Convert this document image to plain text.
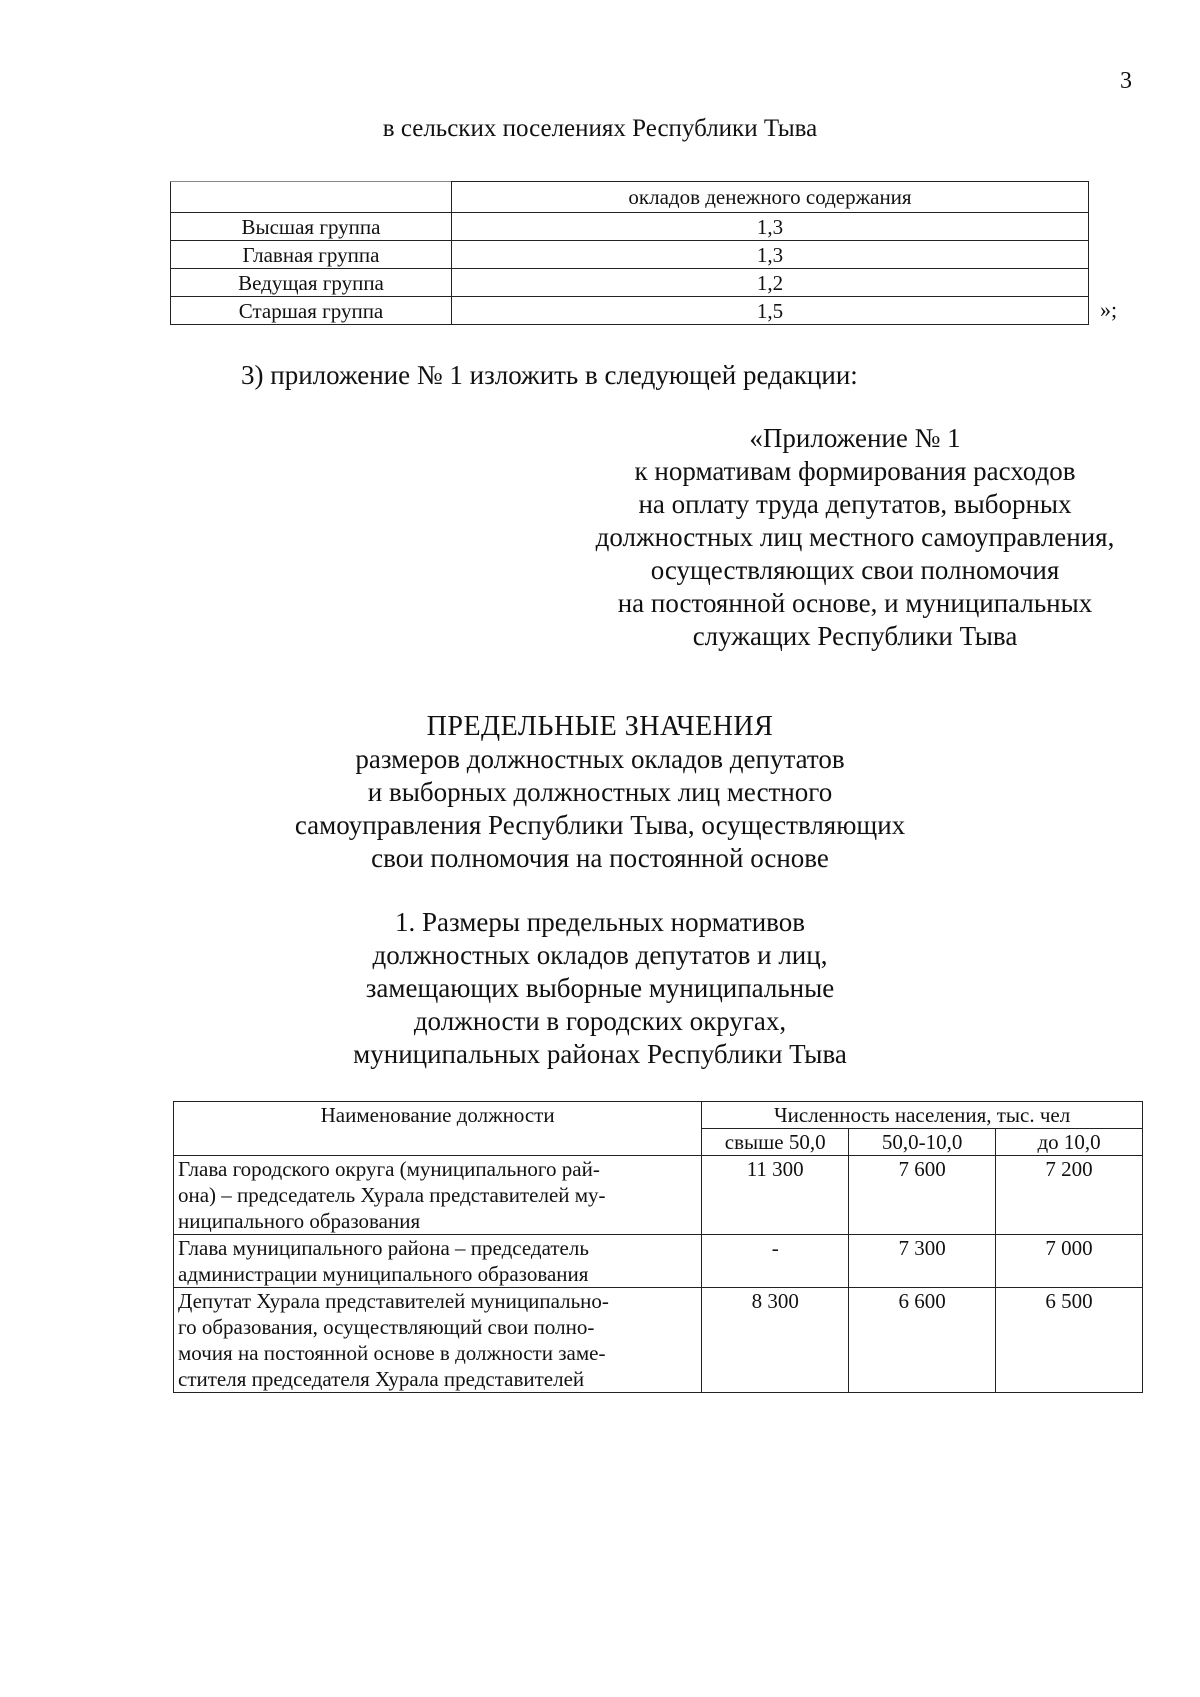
3
в сельских поселениях Республики Тыва
	окладов денежного содержания
Высшая группа	1,3
Главная группа	1,3
Ведущая группа	1,2
Старшая группа	1,5	»;
3) приложение № 1 изложить в следующей редакции:
«Приложение № 1
к нормативам формирования расходов
на оплату труда депутатов, выборных
должностных лиц местного самоуправления,
осуществляющих свои полномочия
на постоянной основе, и муниципальных
служащих Республики Тыва
ПРЕДЕЛЬНЫЕ ЗНАЧЕНИЯ
размеров должностных окладов депутатов
и выборных должностных лиц местного
самоуправления Республики Тыва, осуществляющих
свои полномочия на постоянной основе
1. Размеры предельных нормативов
должностных окладов депутатов и лиц,
замещающих выборные муниципальные
должности в городских округах,
муниципальных районах Республики Тыва
Наименование должности	Численность населения, тыс. чел		
	свыше 50,0	50,0-10,0	до 10,0

Глава городского округа (муниципального рай-
она) – председатель Хурала представителей му-
ниципального образования	11 300	7 600	7 200

Глава муниципального района – председатель
администрации муниципального образования	-	7 300	7 000

Депутат Хурала представителей муниципально-
го образования, осуществляющий свои полно-
мочия на постоянной основе в должности заме-
стителя председателя Хурала представителей	8 300	6 600	6 500
